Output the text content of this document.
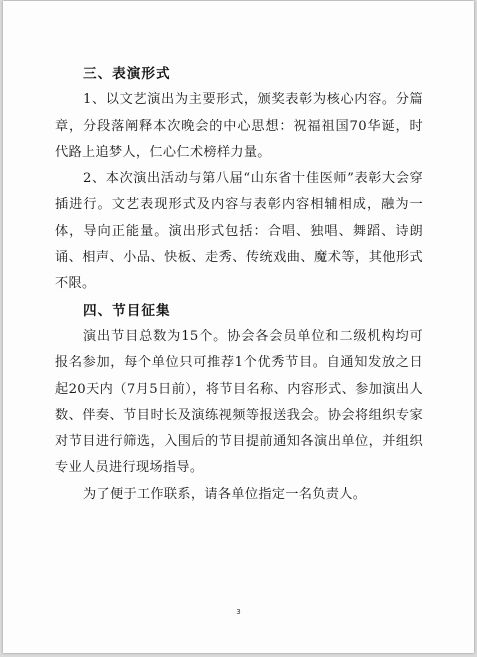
三、表演形式

1、以文艺演出为主要形式，颁奖表彰为核心内容。分篇章，分段落阐释本次晚会的中心思想：祝福祖国70华诞，时代路上追梦人，仁心仁术榜样力量。

2、本次演出活动与第八届“山东省十佳医师”表彰大会穿插进行。文艺表现形式及内容与表彰内容相辅相成，融为一体，导向正能量。演出形式包括：合唱、独唱、舞蹈、诗朗诵、相声、小品、快板、走秀、传统戏曲、魔术等，其他形式不限。

四、节目征集

演出节目总数为15个。协会各会员单位和二级机构均可报名参加，每个单位只可推荐1个优秀节目。自通知发放之日起20天内（7月5日前），将节目名称、内容形式、参加演出人数、伴奏、节目时长及演练视频等报送我会。协会将组织专家对节目进行筛选，入围后的节目提前通知各演出单位，并组织专业人员进行现场指导。

为了便于工作联系，请各单位指定一名负责人。

3
